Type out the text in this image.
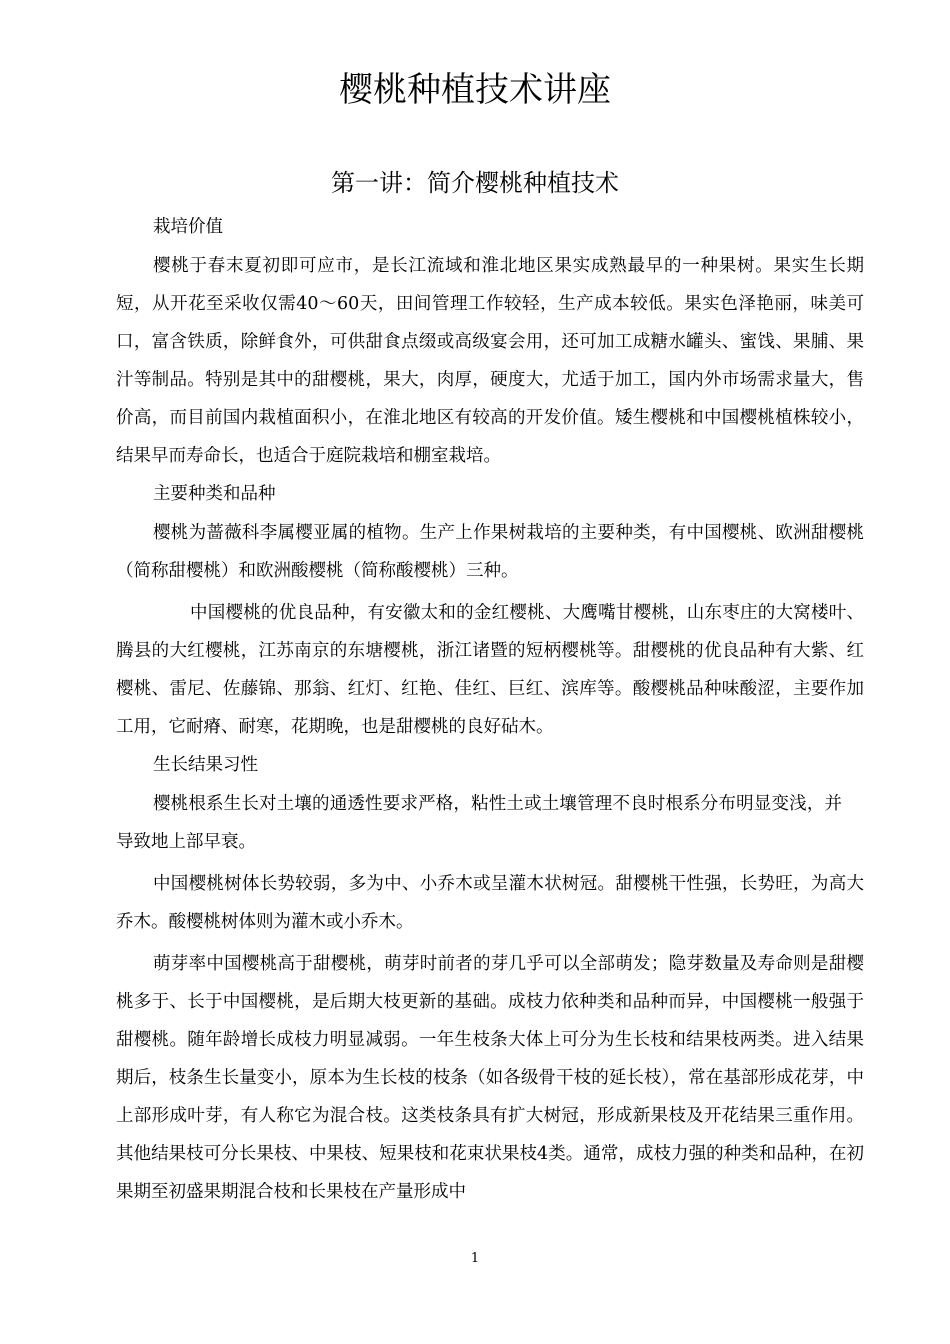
樱桃种植技术讲座
第一讲：简介樱桃种植技术

栽培价值

樱桃于春末夏初即可应市，是长江流域和淮北地区果实成熟最早的一种果树。果实生长期短，从开花至采收仅需40～60天，田间管理工作较轻，生产成本较低。果实色泽艳丽，味美可口，富含铁质，除鲜食外，可供甜食点缀或高级宴会用，还可加工成糖水罐头、蜜饯、果脯、果汁等制品。特别是其中的甜樱桃，果大，肉厚，硬度大，尤适于加工，国内外市场需求量大，售价高，而目前国内栽植面积小，在淮北地区有较高的开发价值。矮生樱桃和中国樱桃植株较小，结果早而寿命长，也适合于庭院栽培和棚室栽培。

主要种类和品种

樱桃为蔷薇科李属樱亚属的植物。生产上作果树栽培的主要种类，有中国樱桃、欧洲甜樱桃（简称甜樱桃）和欧洲酸樱桃（简称酸樱桃）三种。

中国樱桃的优良品种，有安徽太和的金红樱桃、大鹰嘴甘樱桃，山东枣庄的大窝楼叶、腾县的大红樱桃，江苏南京的东塘樱桃，浙江诸暨的短柄樱桃等。甜樱桃的优良品种有大紫、红樱桃、雷尼、佐藤锦、那翁、红灯、红艳、佳红、巨红、滨库等。酸樱桃品种味酸涩，主要作加工用，它耐瘠、耐寒，花期晚，也是甜樱桃的良好砧木。

生长结果习性

樱桃根系生长对土壤的通透性要求严格，粘性土或土壤管理不良时根系分布明显变浅，并导致地上部早衰。

中国樱桃树体长势较弱，多为中、小乔木或呈灌木状树冠。甜樱桃干性强，长势旺，为高大乔木。酸樱桃树体则为灌木或小乔木。

萌芽率中国樱桃高于甜樱桃，萌芽时前者的芽几乎可以全部萌发；隐芽数量及寿命则是甜樱桃多于、长于中国樱桃，是后期大枝更新的基础。成枝力依种类和品种而异，中国樱桃一般强于甜樱桃。随年龄增长成枝力明显减弱。一年生枝条大体上可分为生长枝和结果枝两类。进入结果期后，枝条生长量变小，原本为生长枝的枝条（如各级骨干枝的延长枝），常在基部形成花芽，中上部形成叶芽，有人称它为混合枝。这类枝条具有扩大树冠，形成新果枝及开花结果三重作用。其他结果枝可分长果枝、中果枝、短果枝和花束状果枝4类。通常，成枝力强的种类和品种，在初果期至初盛果期混合枝和长果枝在产量形成中

1
